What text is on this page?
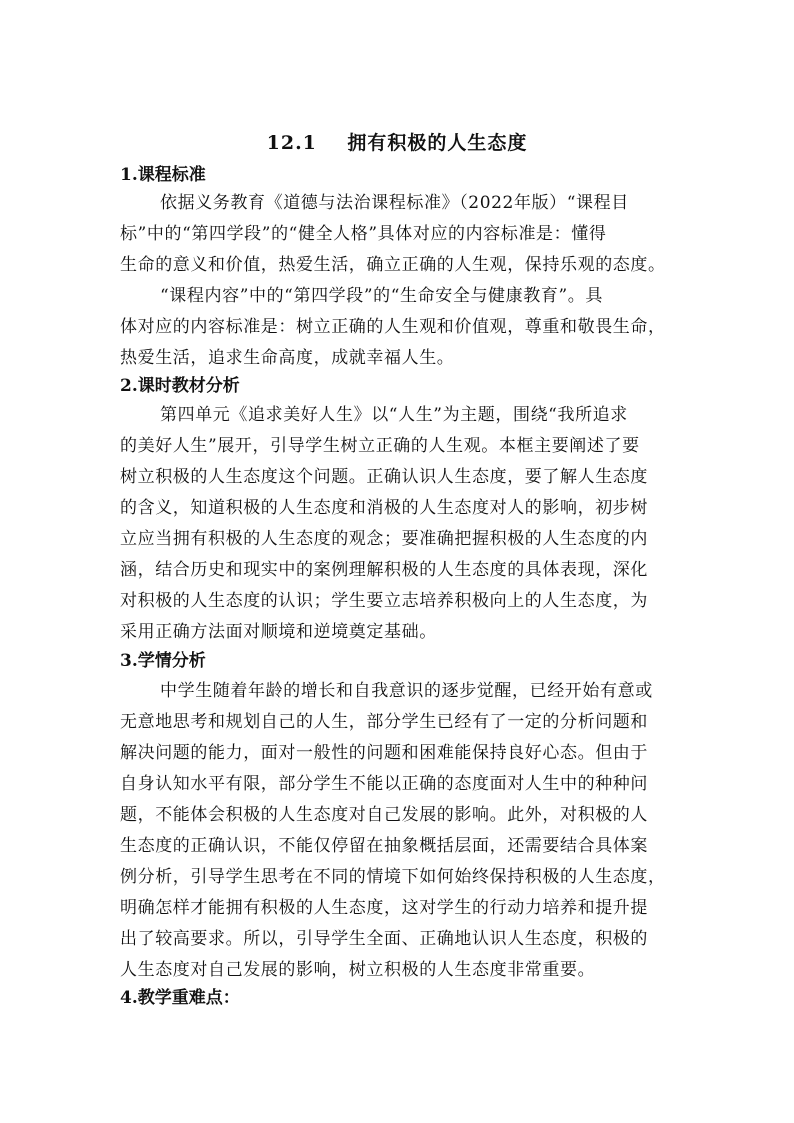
12.1    拥有积极的人生态度
1.课程标准
依据义务教育《道德与法治课程标准》（2022年版）“课程目
标”中的“第四学段”的“健全人格”具体对应的内容标准是：懂得
生命的意义和价值，热爱生活，确立正确的人生观，保持乐观的态度。
“课程内容”中的“第四学段”的“生命安全与健康教育”。具
体对应的内容标准是：树立正确的人生观和价值观，尊重和敬畏生命，
热爱生活，追求生命高度，成就幸福人生。
2.课时教材分析
第四单元《追求美好人生》以“人生”为主题，围绕“我所追求
的美好人生”展开，引导学生树立正确的人生观。本框主要阐述了要
树立积极的人生态度这个问题。正确认识人生态度，要了解人生态度
的含义，知道积极的人生态度和消极的人生态度对人的影响，初步树
立应当拥有积极的人生态度的观念；要准确把握积极的人生态度的内
涵，结合历史和现实中的案例理解积极的人生态度的具体表现，深化
对积极的人生态度的认识；学生要立志培养积极向上的人生态度，为
采用正确方法面对顺境和逆境奠定基础。
3.学情分析
中学生随着年龄的增长和自我意识的逐步觉醒，已经开始有意或
无意地思考和规划自己的人生，部分学生已经有了一定的分析问题和
解决问题的能力，面对一般性的问题和困难能保持良好心态。但由于
自身认知水平有限，部分学生不能以正确的态度面对人生中的种种问
题，不能体会积极的人生态度对自己发展的影响。此外，对积极的人
生态度的正确认识，不能仅停留在抽象概括层面，还需要结合具体案
例分析，引导学生思考在不同的情境下如何始终保持积极的人生态度，
明确怎样才能拥有积极的人生态度，这对学生的行动力培养和提升提
出了较高要求。所以，引导学生全面、正确地认识人生态度，积极的
人生态度对自己发展的影响，树立积极的人生态度非常重要。
4.教学重难点：
